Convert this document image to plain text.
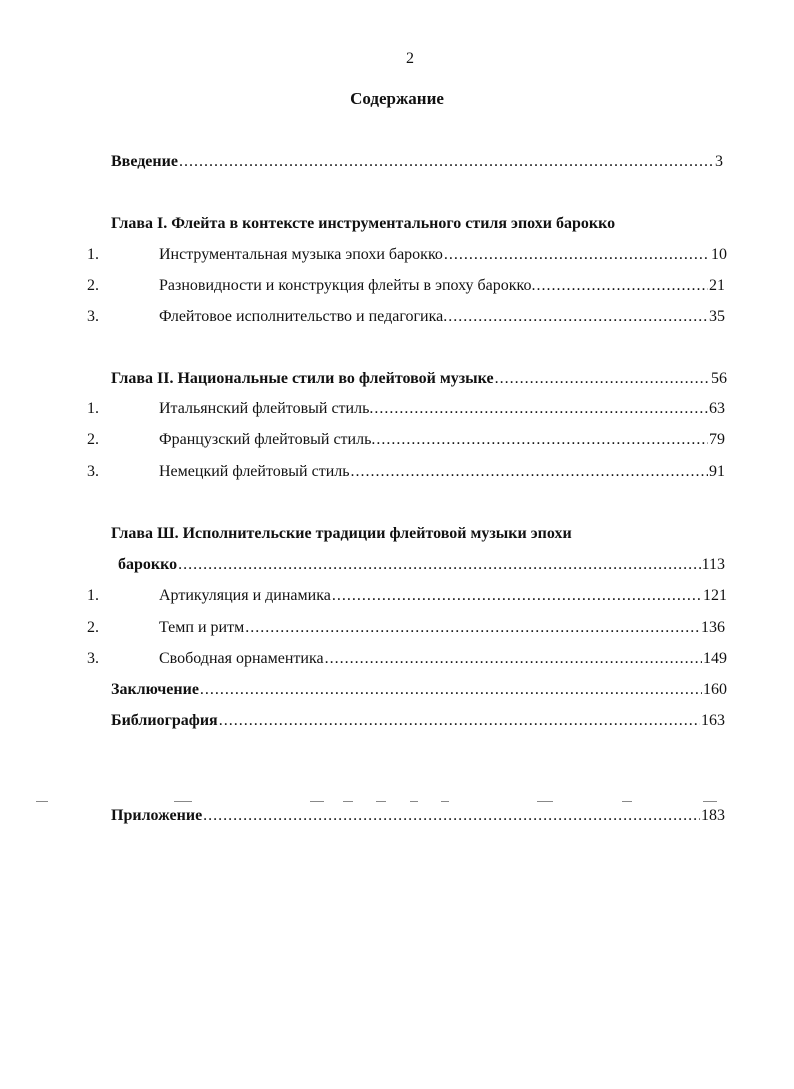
2
Содержание
Введение .....	3
Глава I. Флейта в контексте инструментального стиля эпохи барокко
1.	Инструментальная музыка эпохи барокко .....	10
2.	Разновидности и конструкция флейты в эпоху барокко. .....	21
3.	Флейтовое исполнительство и педагогика. .....	35
Глава II. Национальные стили во флейтовой музыке .....	56
1.	Итальянский флейтовый стиль. .....	63
2.	Французский флейтовый стиль. .....	79
3.	Немецкий флейтовый стиль .....	91
Глава Ш. Исполнительские традиции флейтовой музыки эпохи
барокко .....	113
1.	Артикуляция и динамика .....	121
2.	Темп и ритм .....	136
3.	Свободная орнаментика .....	149
Заключение .....	160
Библиография .....	163
Приложение .....	183
